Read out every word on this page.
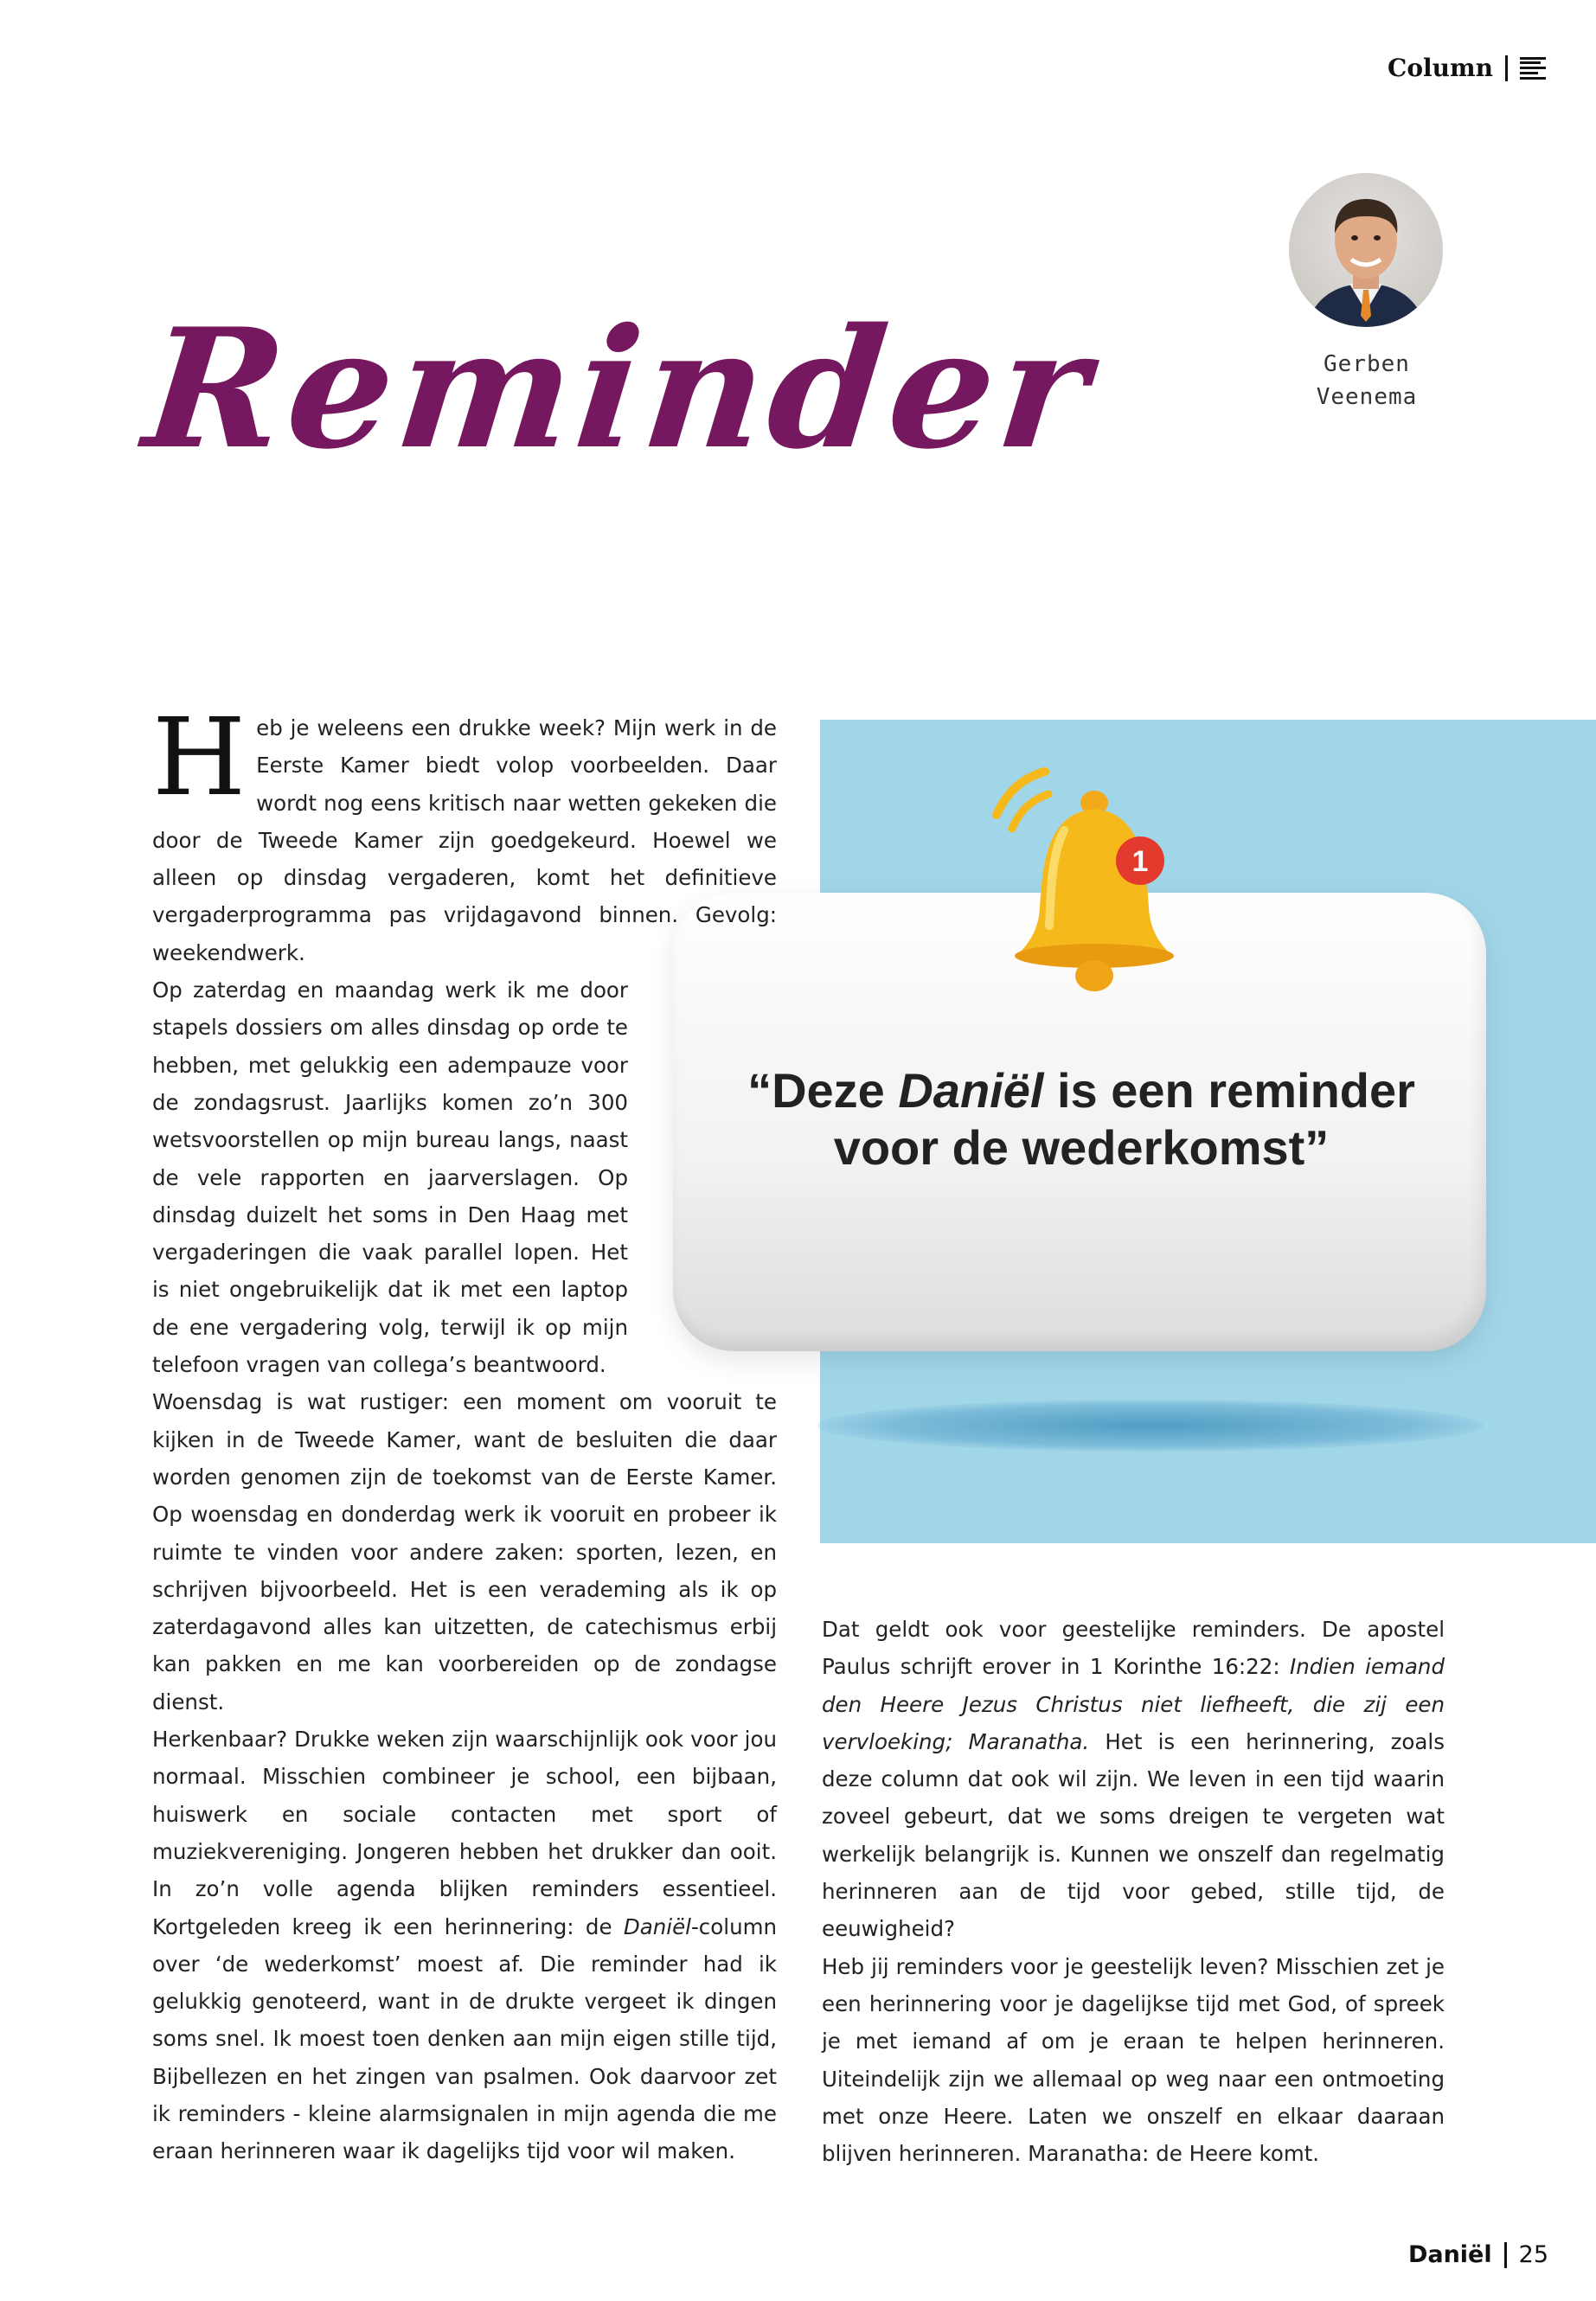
Column
Gerben
Veenema
Reminder
1
“Deze Daniël is een reminder
voor de wederkomst”

Heb je weleens een drukke week? Mijn werk in de Eerste Kamer biedt volop voorbeelden. Daar wordt nog eens kritisch naar wetten gekeken die door de Tweede Kamer zijn goedgekeurd. Hoewel we alleen op dinsdag vergaderen, komt het definitieve vergaderprogramma pas vrijdagavond binnen. Gevolg: weekendwerk.

Op zaterdag en maandag werk ik me door stapels dossiers om alles dinsdag op orde te hebben, met gelukkig een adempauze voor de zondagsrust. Jaarlijks komen zo’n 300 wetsvoorstellen op mijn bureau langs, naast de vele rapporten en jaarverslagen. Op dinsdag duizelt het soms in Den Haag met vergaderingen die vaak parallel lopen. Het is niet ongebruikelijk dat ik met een laptop de ene vergadering volg, terwijl ik op mijn telefoon vragen van collega’s beantwoord.

Woensdag is wat rustiger: een moment om vooruit te kijken in de Tweede Kamer, want de besluiten die daar worden genomen zijn de toekomst van de Eerste Kamer. Op woensdag en donderdag werk ik vooruit en probeer ik ruimte te vinden voor andere zaken: sporten, lezen, en schrijven bijvoorbeeld. Het is een verademing als ik op zaterdagavond alles kan uitzetten, de catechismus erbij kan pakken en me kan voorbereiden op de zondagse dienst.

Herkenbaar? Drukke weken zijn waarschijnlijk ook voor jou normaal. Misschien combineer je school, een bijbaan, huiswerk en sociale contacten met sport of muziekvereniging. Jongeren hebben het drukker dan ooit. In zo’n volle agenda blijken reminders essentieel. Kortgeleden kreeg ik een herinnering: de Daniël-column over ‘de wederkomst’ moest af. Die reminder had ik gelukkig genoteerd, want in de drukte vergeet ik dingen soms snel. Ik moest toen denken aan mijn eigen stille tijd, Bijbellezen en het zingen van psalmen. Ook daarvoor zet ik reminders - kleine alarmsignalen in mijn agenda die me eraan herinneren waar ik dagelijks tijd voor wil maken.

Dat geldt ook voor geestelijke reminders. De apostel Paulus schrijft erover in 1 Korinthe 16:22: Indien iemand den Heere Jezus Christus niet liefheeft, die zij een vervloeking; Maranatha. Het is een herinnering, zoals deze column dat ook wil zijn. We leven in een tijd waarin zoveel gebeurt, dat we soms dreigen te vergeten wat werkelijk belangrijk is. Kunnen we onszelf dan regelmatig herinneren aan de tijd voor gebed, stille tijd, de eeuwigheid?

Heb jij reminders voor je geestelijk leven? Misschien zet je een herinnering voor je dagelijkse tijd met God, of spreek je met iemand af om je eraan te helpen herinneren. Uiteindelijk zijn we allemaal op weg naar een ontmoeting met onze Heere. Laten we onszelf en elkaar daaraan blijven herinneren. Maranatha: de Heere komt.

Daniël 25
